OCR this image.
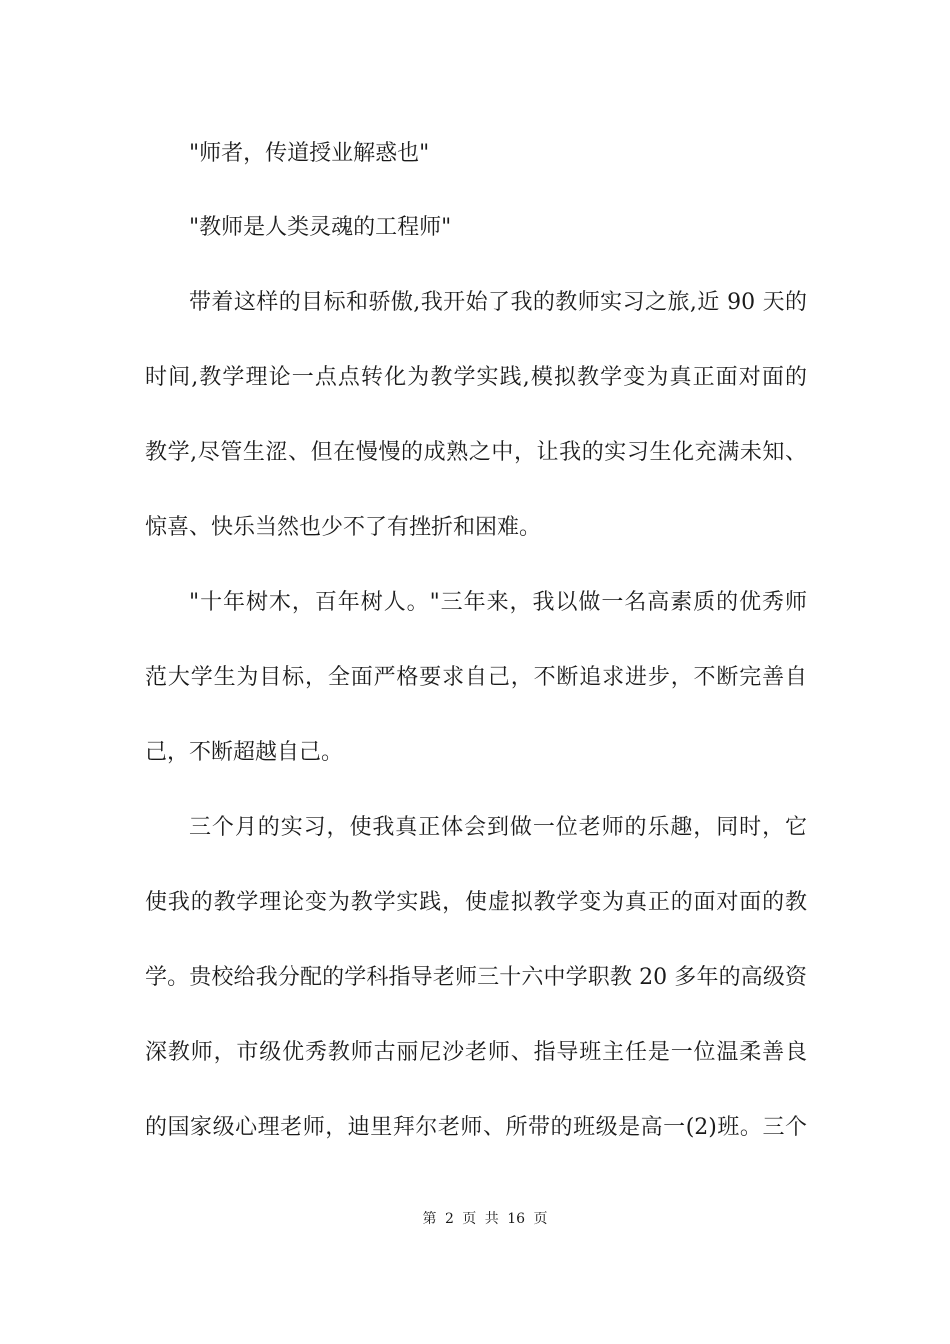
"师者，传道授业解惑也"
"教师是人类灵魂的工程师"
带着这样的目标和骄傲,我开始了我的教师实习之旅,近 90 天的
时间,教学理论一点点转化为教学实践,模拟教学变为真正面对面的
教学,尽管生涩、但在慢慢的成熟之中，让我的实习生化充满未知、
惊喜、快乐当然也少不了有挫折和困难。
"十年树木，百年树人。"三年来，我以做一名高素质的优秀师
范大学生为目标，全面严格要求自己，不断追求进步，不断完善自
己，不断超越自己。
三个月的实习，使我真正体会到做一位老师的乐趣，同时，它
使我的教学理论变为教学实践，使虚拟教学变为真正的面对面的教
学。贵校给我分配的学科指导老师三十六中学职教 20 多年的高级资
深教师，市级优秀教师古丽尼沙老师、指导班主任是一位温柔善良
的国家级心理老师，迪里拜尔老师、所带的班级是高一(2)班。三个
第 2 页 共 16 页
